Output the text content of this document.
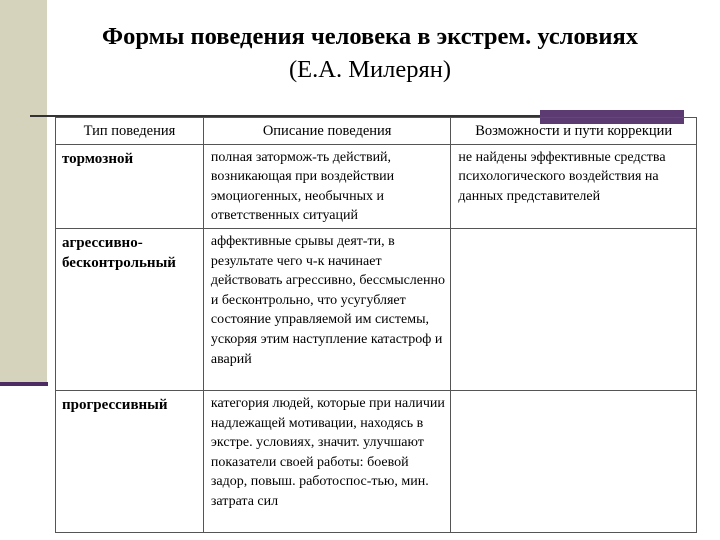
Формы поведения человека в экстрем. условиях (Е.А. Милерян)
Тип поведения	Описание поведения	Возможности и пути коррекции
тормозной	полная затормож-ть действий, возникающая при воздействии эмоциогенных, необычных и ответственных ситуаций	не найдены эффективные средства психологического воздействия на данных представителей
агрессивно-бесконтрольный	аффективные срывы деят-ти, в результате чего ч-к начинает действовать агрессивно, бессмысленно и бесконтрольно, что усугубляет состояние управляемой им системы, ускоряя этим наступление катастроф и аварий	
прогрессивный	категория людей, которые при наличии надлежащей мотивации, находясь в экстре. условиях, значит. улучшают показатели своей работы: боевой задор, повыш. работоспос-тью, мин. затрата сил	
